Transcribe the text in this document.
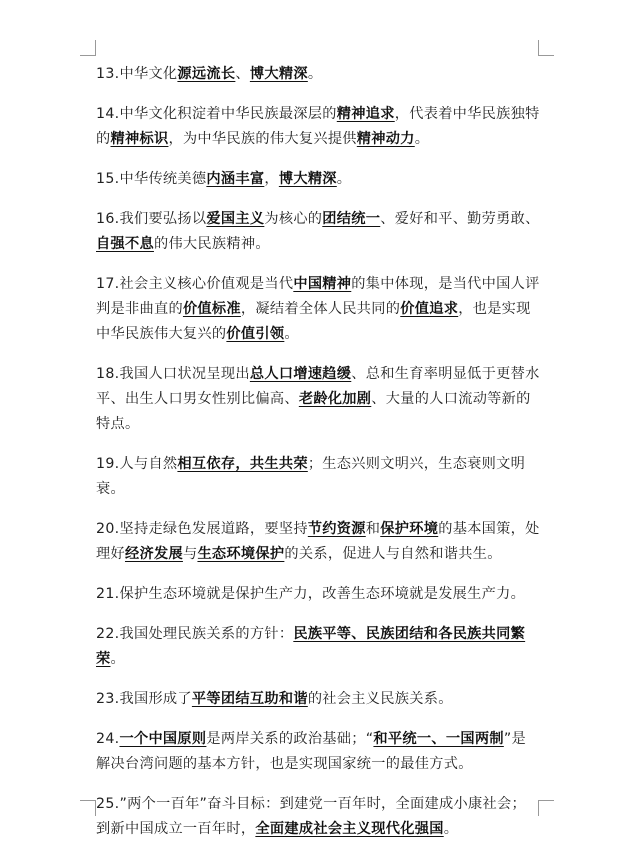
13.中华文化源远流长、博大精深。

14.中华文化积淀着中华民族最深层的精神追求，代表着中华民族独特的精神标识，为中华民族的伟大复兴提供精神动力。

15.中华传统美德内涵丰富，博大精深。

16.我们要弘扬以爱国主义为核心的团结统一、爱好和平、勤劳勇敢、自强不息的伟大民族精神。

17.社会主义核心价值观是当代中国精神的集中体现，是当代中国人评判是非曲直的价值标准，凝结着全体人民共同的价值追求，也是实现中华民族伟大复兴的价值引领。

18.我国人口状况呈现出总人口增速趋缓、总和生育率明显低于更替水平、出生人口男女性别比偏高、老龄化加剧、大量的人口流动等新的特点。

19.人与自然相互依存，共生共荣；生态兴则文明兴，生态衰则文明衰。

20.坚持走绿色发展道路，要坚持节约资源和保护环境的基本国策，处理好经济发展与生态环境保护的关系，促进人与自然和谐共生。

21.保护生态环境就是保护生产力，改善生态环境就是发展生产力。

22.我国处理民族关系的方针：民族平等、民族团结和各民族共同繁荣。

23.我国形成了平等团结互助和谐的社会主义民族关系。

24.一个中国原则是两岸关系的政治基础；“和平统一、一国两制”是解决台湾问题的基本方针，也是实现国家统一的最佳方式。

25.”两个一百年”奋斗目标：到建党一百年时，全面建成小康社会；到新中国成立一百年时，全面建成社会主义现代化强国。
